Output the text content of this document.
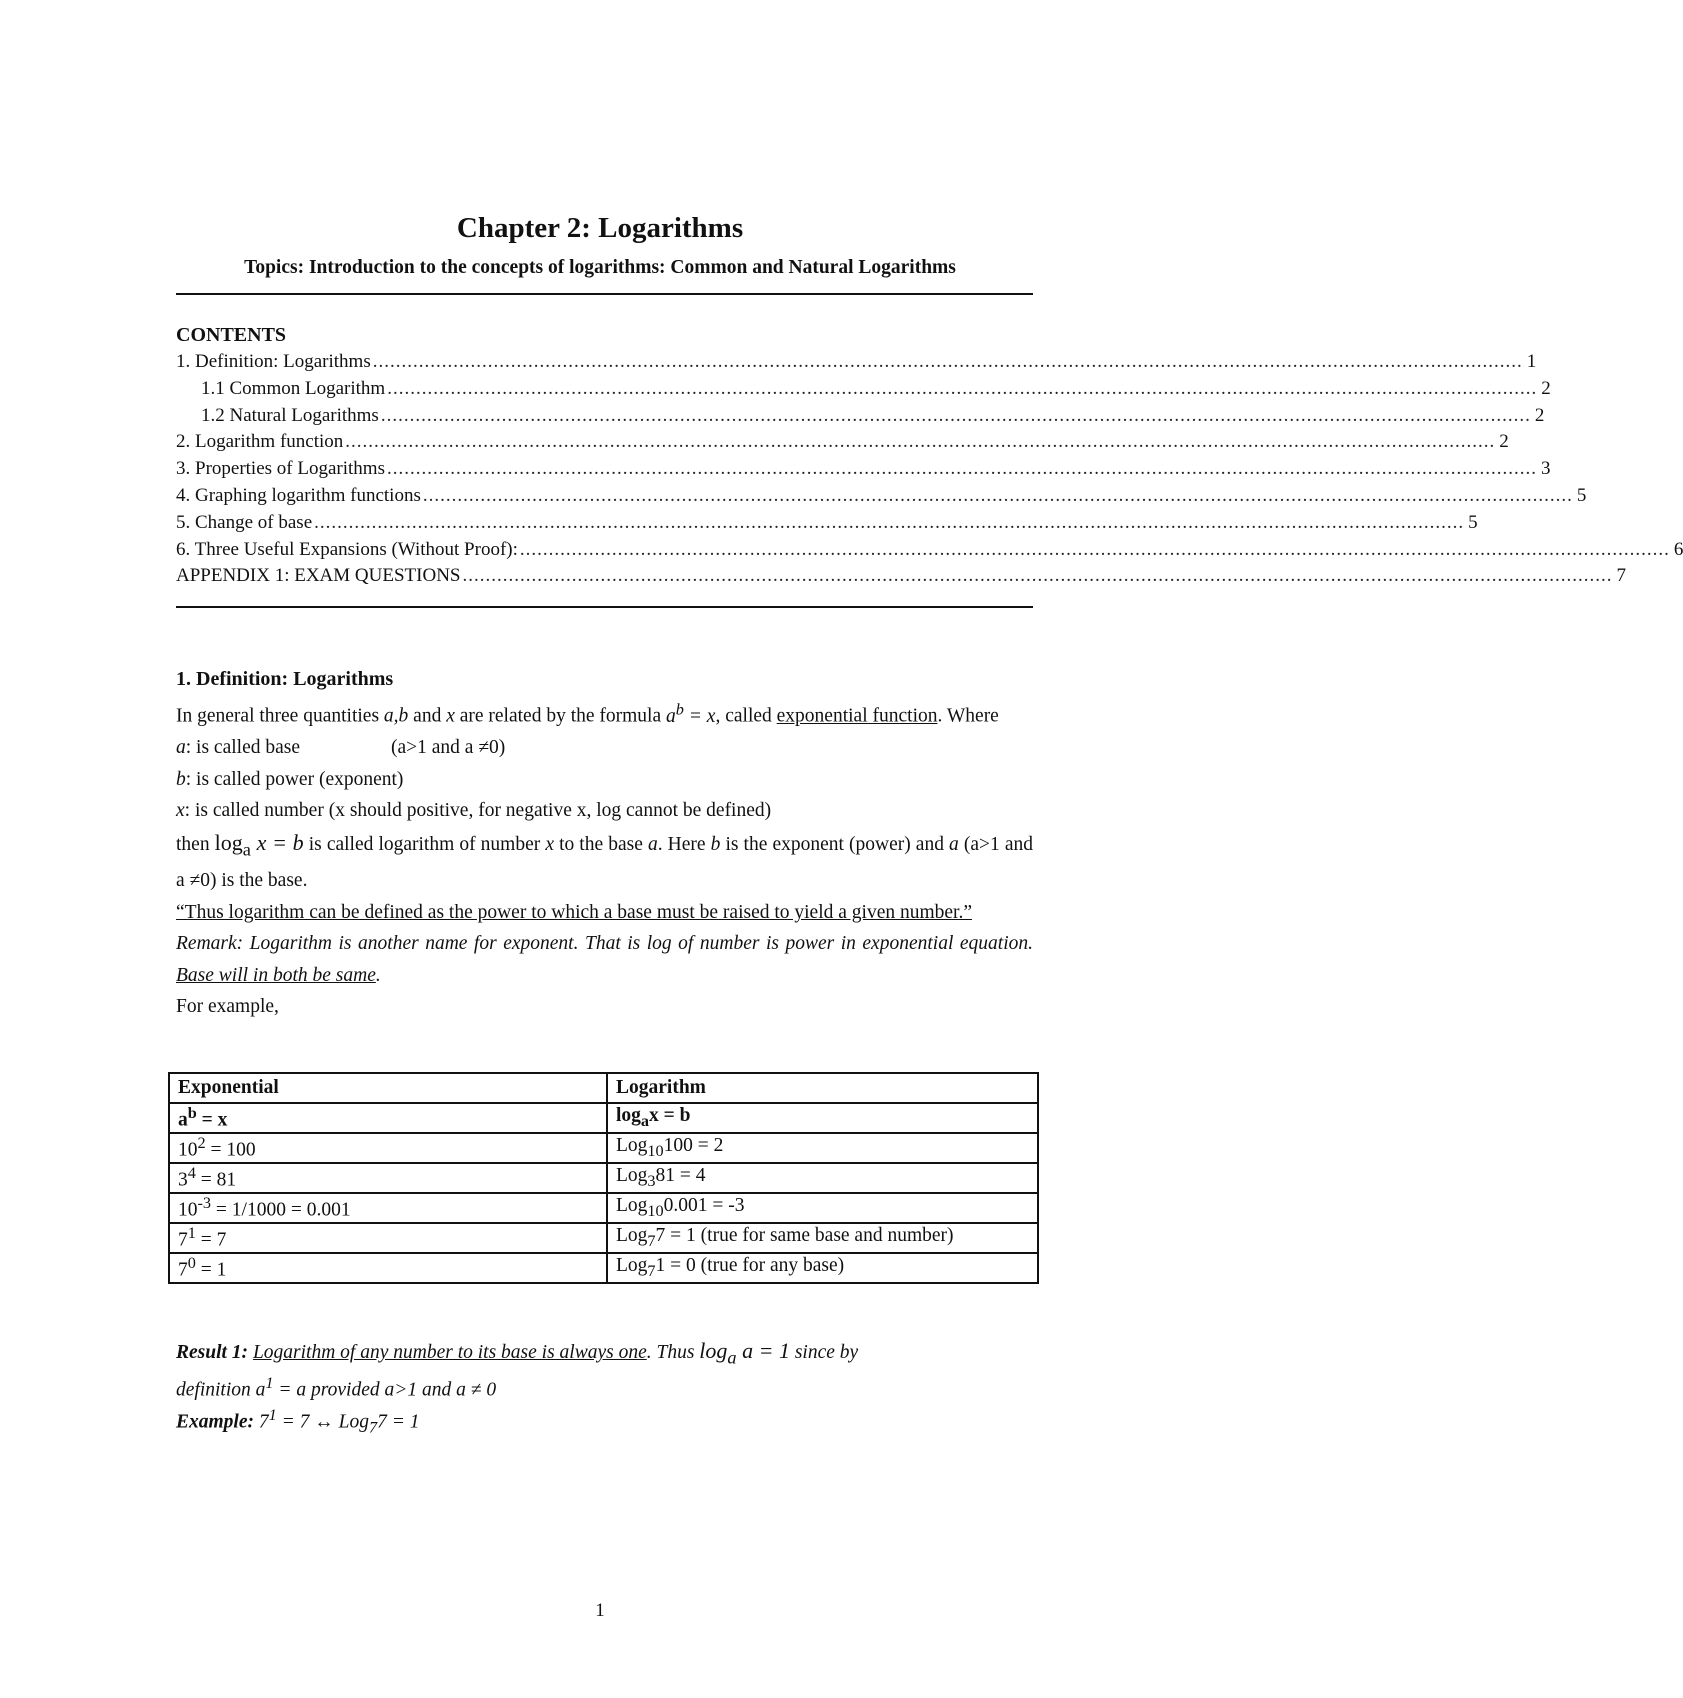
Chapter 2: Logarithms

Topics: Introduction to the concepts of logarithms: Common and Natural Logarithms

CONTENTS
1. Definition: Logarithms ........................................................................................................................................................................................................ 1
1.1 Common Logarithm ........................................................................................................................................................................................................ 2
1.2 Natural Logarithms ........................................................................................................................................................................................................ 2
2. Logarithm function ........................................................................................................................................................................................................ 2
3. Properties of Logarithms ........................................................................................................................................................................................................ 3
4. Graphing logarithm functions ........................................................................................................................................................................................................ 5
5. Change of base ........................................................................................................................................................................................................ 5
6. Three Useful Expansions (Without Proof): ........................................................................................................................................................................................................ 6
APPENDIX 1: EXAM QUESTIONS ........................................................................................................................................................................................................ 7
1. Definition: Logarithms

In general three quantities a,b and x are related by the formula $a^b = x$, called exponential function. Where

a: is called base	(a>1 and a ≠0)
b: is called power (exponent)
x: is called number (x should positive, for negative x, log cannot be defined)

then $\log_a x = b$ is called logarithm of number x to the base a. Here b is the exponent (power) and a (a>1 and a ≠0) is the base.

“Thus logarithm can be defined as the power to which a base must be raised to yield a given number.”

Remark: Logarithm is another name for exponent. That is log of number is power in exponential equation. Base will in both be same.

For example,

Exponential	Logarithm
$a^b = x$	$\log_ax = b$
$10^2 = 100$	Log$_{10}$100 = 2
$3^4 = 81$	Log$_3$81 = 4
$10^{-3} = 1/1000 = 0.001$	Log$_{10}$0.001 = -3
$7^1 = 7$	Log$_7$7 = 1 (true for same base and number)
$7^0 = 1$	Log$_7$1 = 0 (true for any base)
Result 1: Logarithm of any number to its base is always one. Thus $\log_a a = 1$ since by
definition $a^1 = a$ provided a>1 and a ≠ 0
Example: $7^1 = 7$ ↔ Log$_7$7 = 1
1
